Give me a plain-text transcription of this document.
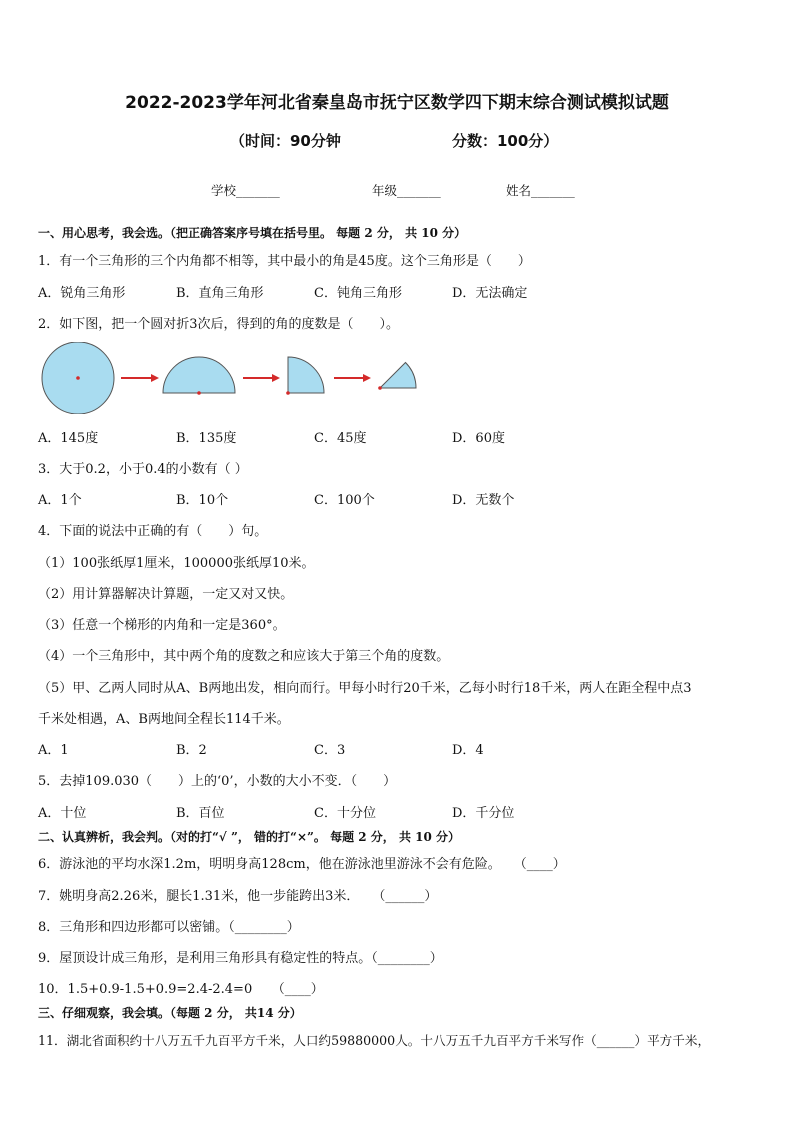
2022-2023学年河北省秦皇岛市抚宁区数学四下期末综合测试模拟试题
（时间：90分钟	分数：100分）
学校_______	年级_______	姓名_______
一、用心思考，我会选。（把正确答案序号填在括号里。 每题 2 分， 共 10 分）
1．有一个三角形的三个内角都不相等，其中最小的角是45度。这个三角形是（　　）
A．锐角三角形	B．直角三角形	C．钝角三角形	D．无法确定
2．如下图，把一个圆对折3次后，得到的角的度数是（　　）。
A．145度	B．135度	C．45度	D．60度
3．大于0.2，小于0.4的小数有（ ）
A．1个	B．10个	C．100个	D．无数个
4．下面的说法中正确的有（　　）句。
（1）100张纸厚1厘米，100000张纸厚10米。
（2）用计算器解决计算题，一定又对又快。
（3）任意一个梯形的内角和一定是360°。
（4）一个三角形中，其中两个角的度数之和应该大于第三个角的度数。
（5）甲、乙两人同时从A、B两地出发，相向而行。甲每小时行20千米，乙每小时行18千米，两人在距全程中点3
千米处相遇，A、B两地间全程长114千米。
A．1	B．2	C．3	D．4
5．去掉109.030（　　）上的‘0’，小数的大小不变．（　　）
A．十位	B．百位	C．十分位	D．千分位
二、认真辨析，我会判。（对的打“√ ”， 错的打“×”。 每题 2 分， 共 10 分）
6．游泳池的平均水深1.2m，明明身高128cm，他在游泳池里游泳不会有危险。　　（____）
7．姚明身高2.26米，腿长1.31米，他一步能跨出3米．　　（______）
8．三角形和四边形都可以密铺。（________）
9．屋顶设计成三角形，是利用三角形具有稳定性的特点。（________）
10．1.5+0.9-1.5+0.9=2.4-2.4=0　　（____）
三、仔细观察，我会填。（每题 2 分， 共14 分）
11．湖北省面积约十八万五千九百平方千米，人口约59880000人。十八万五千九百平方千米写作（______）平方千米，
